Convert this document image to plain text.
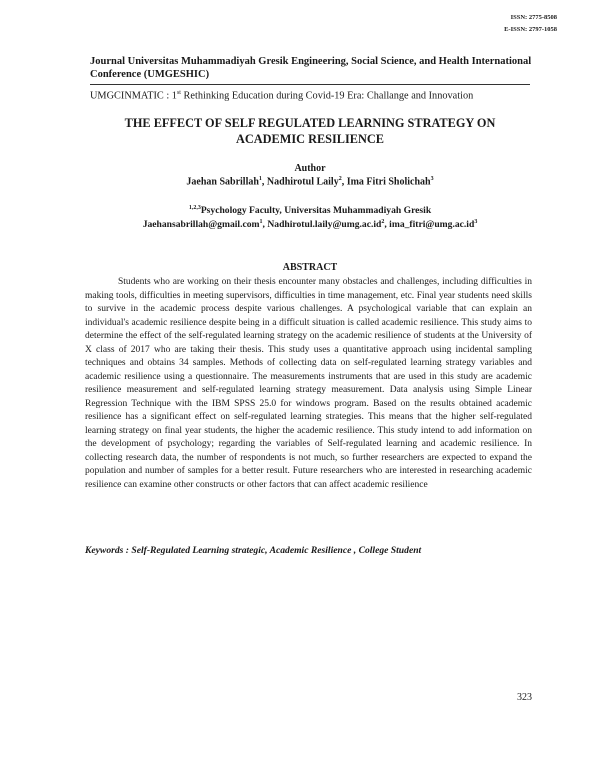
ISSN: 2775-8508
E-ISSN: 2797-1058
Journal Universitas Muhammadiyah Gresik Engineering, Social Science, and Health International Conference (UMGESHIC)
UMGCINMATIC : 1st Rethinking Education during Covid-19 Era: Challange and Innovation
THE EFFECT OF SELF REGULATED LEARNING STRATEGY ON ACADEMIC RESILIENCE
Author
Jaehan Sabrillah$^1$, Nadhirotul Laily$^2$, Ima Fitri Sholichah$^3$
$^{1,2,3}$Psychology Faculty, Universitas Muhammadiyah Gresik
Jaehansabrillah@gmail.com$^1$, $Nadhirotul.laily@umg.ac.id^2$, $ima\_fitri@umg.ac.id^3$
ABSTRACT

Students who are working on their thesis encounter many obstacles and challenges, including difficulties in making tools, difficulties in meeting supervisors, difficulties in time management, etc. Final year students need skills to survive in the academic process despite various challenges. A psychological variable that can explain an individual's academic resilience despite being in a difficult situation is called academic resilience. This study aims to determine the effect of the self-regulated learning strategy on the academic resilience of students at the University of X class of 2017 who are taking their thesis. This study uses a quantitative approach using incidental sampling techniques and obtains 34 samples. Methods of collecting data on self-regulated learning strategy variables and academic resilience using a questionnaire. The measurements instruments that are used in this study are academic resilience measurement and self-regulated learning strategy measurement. Data analysis using Simple Linear Regression Technique with the IBM SPSS 25.0 for windows program. Based on the results obtained academic resilience has a significant effect on self-regulated learning strategies. This means that the higher self-regulated learning strategy on final year students, the higher the academic resilience. This study intend to add information on the development of psychology; regarding the variables of Self-regulated learning and academic resilience. In collecting research data, the number of respondents is not much, so further researchers are expected to expand the population and number of samples for a better result. Future researchers who are interested in researching academic resilience can examine other constructs or other factors that can affect academic resilience

Keywords : Self-Regulated Learning strategic, Academic Resilience , College Student
323
